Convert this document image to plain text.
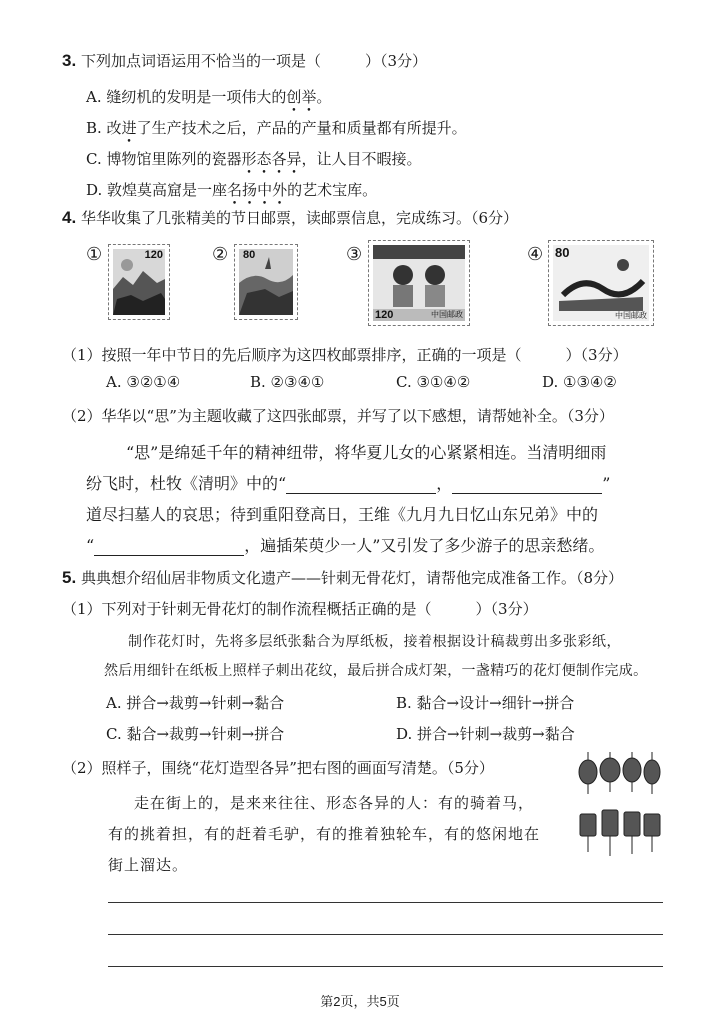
3. 下列加点词语运用不恰当的一项是（	）（3分）
A. 缝纫机的发明是一项伟大的创举。
B. 改进了生产技术之后，产品的产量和质量都有所提升。
C. 博物馆里陈列的瓷器形态各异，让人目不暇接。
D. 敦煌莫高窟是一座名扬中外的艺术宝库。
4. 华华收集了几张精美的节日邮票，读邮票信息，完成练习。（6分）
①	120	② 80	③
120	中国邮政
④ 80
中国邮政
（1）按照一年中节日的先后顺序为这四枚邮票排序，正确的一项是（	）（3分）
A. ③②①④	B. ②③④①	C. ③①④②	D. ①③④②
（2）华华以“思”为主题收藏了这四张邮票，并写了以下感想，请帮她补全。（3分）
“思”是绵延千年的精神纽带，将华夏儿女的心紧紧相连。当清明细雨
纷飞时，杜牧《清明》中的“	，	”
道尽扫墓人的哀思；待到重阳登高日，王维《九月九日忆山东兄弟》中的
“	，遍插茱萸少一人”又引发了多少游子的思亲愁绪。
5. 典典想介绍仙居非物质文化遗产——针刺无骨花灯，请帮他完成准备工作。（8分）
（1）下列对于针刺无骨花灯的制作流程概括正确的是（	）（3分）
制作花灯时，先将多层纸张黏合为厚纸板，接着根据设计稿裁剪出多张彩纸，
然后用细针在纸板上照样子刺出花纹，最后拼合成灯架，一盏精巧的花灯便制作完成。
A. 拼合→裁剪→针刺→黏合	B. 黏合→设计→细针→拼合
C. 黏合→裁剪→针刺→拼合	D. 拼合→针刺→裁剪→黏合
（2）照样子，围绕“花灯造型各异”把右图的画面写清楚。（5分）
走在街上的，是来来往往、形态各异的人：有的骑着马，
有的挑着担，有的赶着毛驴，有的推着独轮车，有的悠闲地在
街上溜达。
第2页，共5页
